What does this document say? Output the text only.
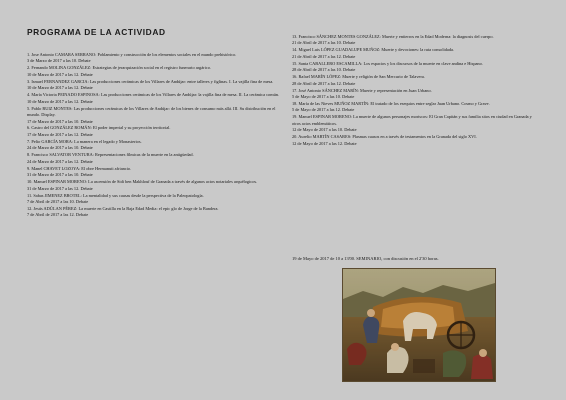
PROGRAMA DE LA ACTIVIDAD

1. Jose Antonio CAMARA SERRANO: Poblamiento y construcción de los elementos sociales en el mundo prehistórico.

3 de Marzo de 2017 a las 10. Debate

2. Fernando MOLINA GONZÁLEZ: Estrategias de jerarquización social en el registro funerario argárico.

10 de Marzo de 2017 a las 12. Debate

3. Ismael FERNANDEZ GARCIA: Las producciones cerámicas de los Villares de Andújar: entre talleres y figlinas. I. La vajilla fina de mesa.

10 de Marzo de 2017 a las 12. Debate

4. María Victoria PEINADO ESPINOSA: Las producciones cerámicas de los Villares de Andújar: la vajilla fina de mesa. II. La cerámica común.

10 de Marzo de 2017 a las 12. Debate

5. Pablo RUIZ MONTES: Las producciones cerámicas de los Villares de Andújar: de los bienes de consumo más allá. III. Su distribución en el mundo. Display.

17 de Marzo de 2017 a las 10. Debate

6. Castro del GONZÁLEZ ROMÁN: El poder imperial y su proyección territorial.

17 de Marzo de 2017 a las 12. Debate

7. Pelio GARCÍA MORA: La manera en el legado y Monasterios.

24 de Marzo de 2017 a las 10. Debate

8. Francisco SALVATOR VENTURA: Representaciones fílmicas de la muerte en la antigüedad.

24 de Marzo de 2017 a las 12. Debate

9. Manel CHAVET LOZOYA: El obre Hermanuti afriancio.

31 de Marzo de 2017 a las 10. Debate

10. Manuel ESPINAR MORENO: La ascensión de Sidi ben Makhlouf de Granada a través de algunos actos notariales arquélogicos.

31 de Marzo de 2017 a las 12. Debate

11. Sabas JIMENEZ BROTEL: La mentalidad y sus causas desde la perspectiva de la Paleopatología.

7 de Abril de 2017 a las 10. Debate

12. Jesús ADÚLAN PÉREZ: La muerte en Castilla en la Baja Edad Media: el epic glo de Jorge de la Bandera.

7 de Abril de 2017 a las 12. Debate

13. Francisco SÁNCHEZ MONTES GONZÁLEZ: Muerte y entierros en la Edad Moderna: la diagnosis del cuerpo.

21 de Abril de 2017 a las 10. Debate

14. Miguel Luis LÓPEZ GUADALUPE MUÑOZ: Muerte y devociones: la ruta consolidada.

21 de Abril de 2017 a las 12. Debate

15. Santa CABALLERO ESCAMILLA: Los espacios y los discursos de la muerte en clave andina e Hispano.

28 de Abril de 2017 a las 10. Debate

16. Rafael MARÍN LÓPEZ: Muerte y religión de San Mercurio de Talavera.

28 de Abril de 2017 a las 12. Debate

17. José Antonio SÁNCHEZ MARÍN: Muerte y representación en Juan Urbano.

5 de Mayo de 2017 a las 10. Debate

18. María de las Nieves MUÑOZ MARTÍN: El tratado de los esequios entre seglar Juan Urbano. Cosmo y Grave.

5 de Mayo de 2017 a las 12. Debate

19. Manuel ESPINAR MORENO: La muerte de algunos personajes moriscos: El Gran Capitán y sus familia sitos en ciudad en Granada y otros actos emblemáticos.

12 de Mayo de 2017 a las 10. Debate

20. Aurelio MARTÍN CASARES: Plasmas cuasos en a través de testamentos en la Granada del siglo XVI.

12 de Mayo de 2017 a las 12. Debate

19 de Mayo de 2017 de 10 a 13'00. SEMINARIO, con discusión en el 2'30 horas.
